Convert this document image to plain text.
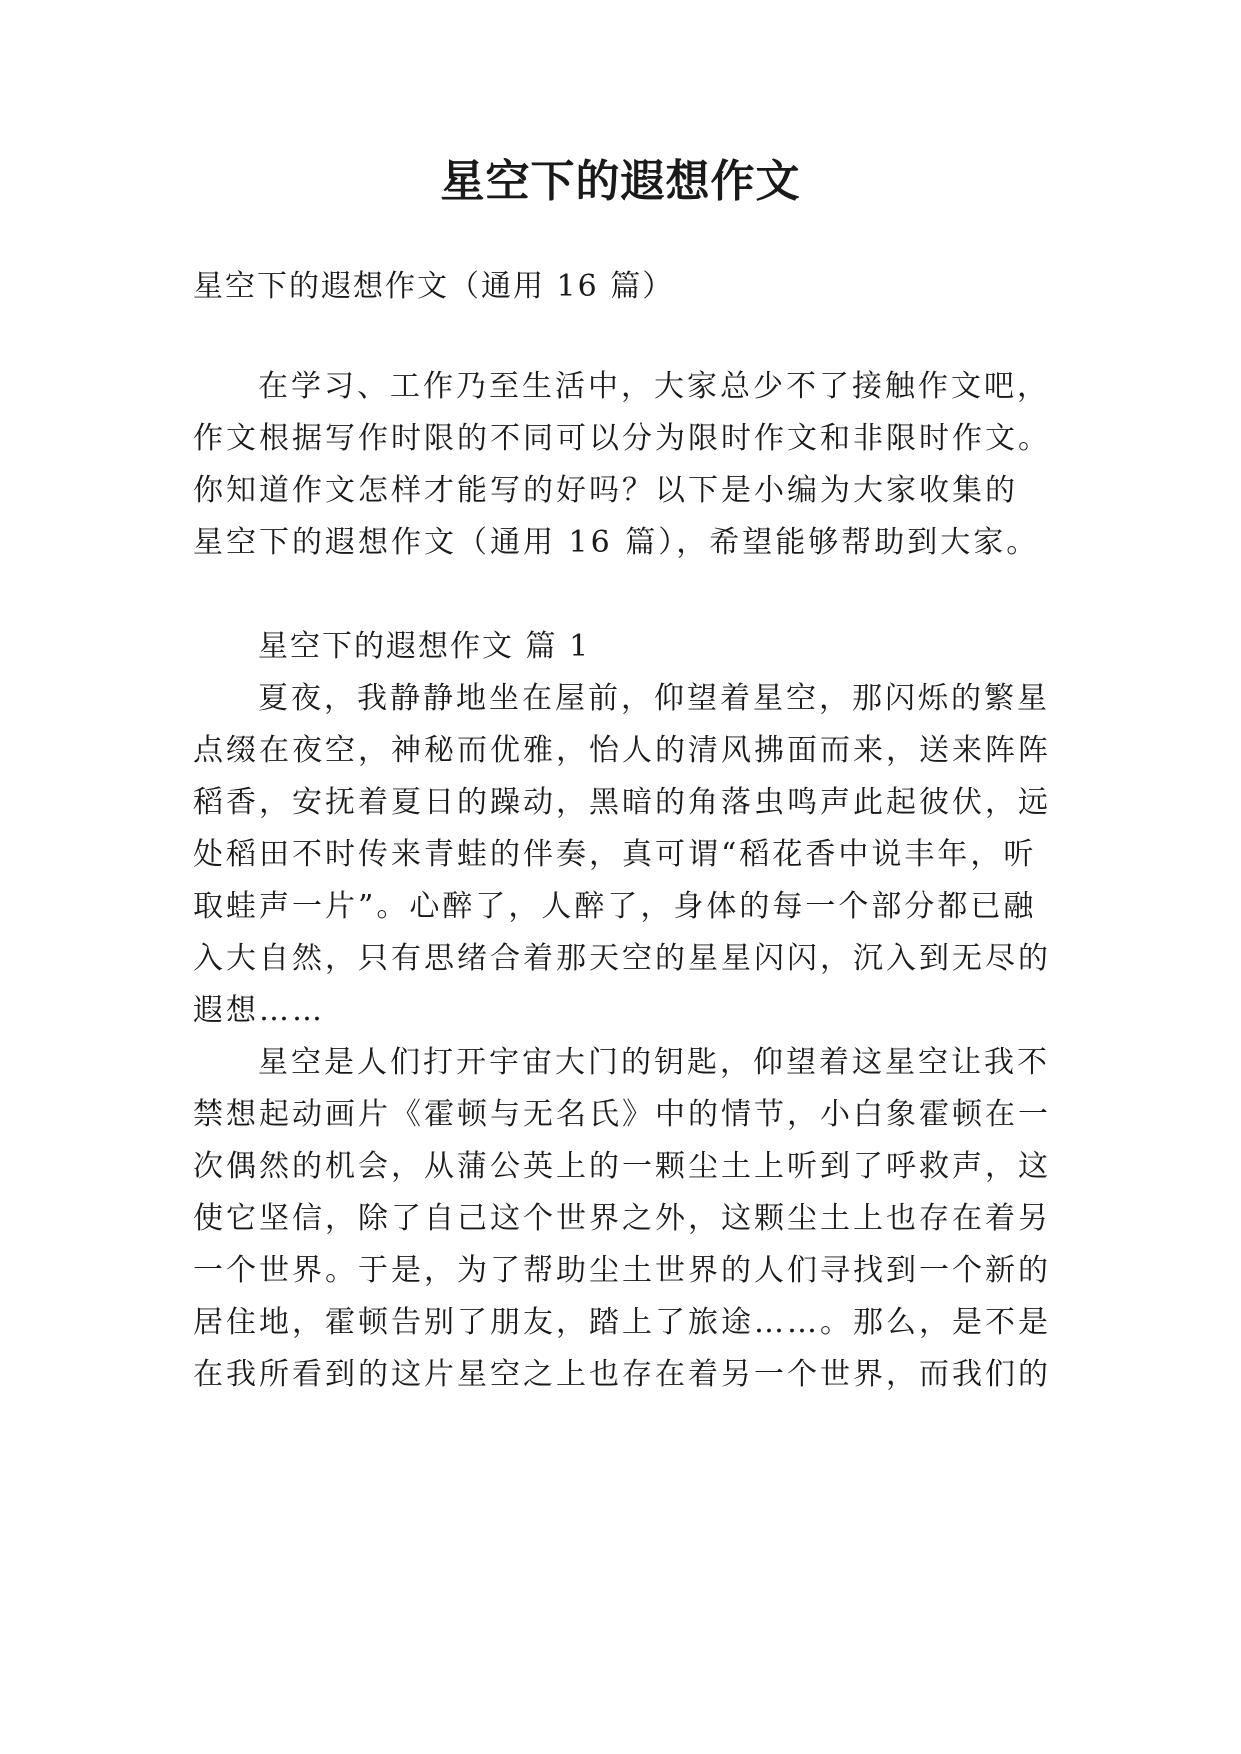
星空下的遐想作文
星空下的遐想作文（通用 16 篇）
在学习、工作乃至生活中，大家总少不了接触作文吧，
作文根据写作时限的不同可以分为限时作文和非限时作文。
你知道作文怎样才能写的好吗？以下是小编为大家收集的
星空下的遐想作文（通用 16 篇），希望能够帮助到大家。
星空下的遐想作文 篇 1
夏夜，我静静地坐在屋前，仰望着星空，那闪烁的繁星
点缀在夜空，神秘而优雅，怡人的清风拂面而来，送来阵阵
稻香，安抚着夏日的躁动，黑暗的角落虫鸣声此起彼伏，远
处稻田不时传来青蛙的伴奏，真可谓“稻花香中说丰年，听
取蛙声一片”。心醉了，人醉了，身体的每一个部分都已融
入大自然，只有思绪合着那天空的星星闪闪，沉入到无尽的
遐想……
星空是人们打开宇宙大门的钥匙，仰望着这星空让我不
禁想起动画片《霍顿与无名氏》中的情节，小白象霍顿在一
次偶然的机会，从蒲公英上的一颗尘土上听到了呼救声，这
使它坚信，除了自己这个世界之外，这颗尘土上也存在着另
一个世界。于是，为了帮助尘土世界的人们寻找到一个新的
居住地，霍顿告别了朋友，踏上了旅途……。那么，是不是
在我所看到的这片星空之上也存在着另一个世界，而我们的
